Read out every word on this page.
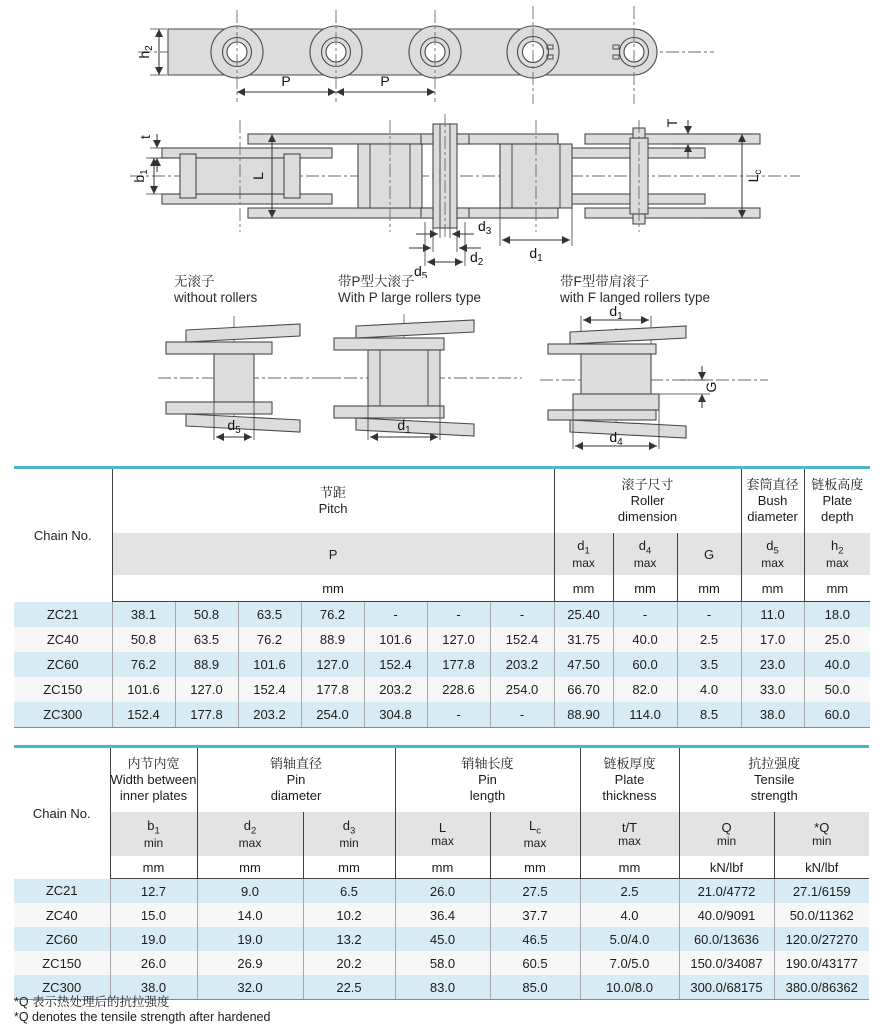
$h_2$
P	P
t
$b_1$	L
$d_3$
$d_2$
$d_5$
$d_1$
T
$L_c$
无滚子
without rollers
$d_5$
带P型大滚子
With P large rollers type
$d_1$
带F型带肩滚子
with F langed rollers type
$d_1$
G
$d_4$
Chain No.	
节距
Pitch

滚子尺寸
Roller dimension

套筒直径
Bush diameter

链板高度
Plate depth

P	
$d_1$
max

$d_4$
max
	G	
$d_5$
max

$h_2$
max

	mm							mm	mm	mm	mm	mm
ZC21	38.1	50.8	63.5	76.2	-	-	-	25.40	-	-	11.0	18.0
ZC40	50.8	63.5	76.2	88.9	101.6	127.0	152.4	31.75	40.0	2.5	17.0	25.0
ZC60	76.2	88.9	101.6	127.0	152.4	177.8	203.2	47.50	60.0	3.5	23.0	40.0
ZC150	101.6	127.0	152.4	177.8	203.2	228.6	254.0	66.70	82.0	4.0	33.0	50.0
ZC300	152.4	177.8	203.2	254.0	304.8	-	-	88.90	114.0	8.5	38.0	60.0
Chain No.	
内节内宽
Width between inner plates

销轴直径
Pin diameter

销轴长度
Pin length

链板厚度
Plate thickness

抗拉强度
Tensile strength

$b_1$
min

$d_2$
max

$d_3$
min

L
max

$L_c$
max

t/T
max

Q
min

*Q
min

	mm	mm	mm	mm	mm	mm	kN/lbf	kN/lbf
ZC21	12.7	9.0	6.5	26.0	27.5	2.5	21.0/4772	27.1/6159
ZC40	15.0	14.0	10.2	36.4	37.7	4.0	40.0/9091	50.0/11362
ZC60	19.0	19.0	13.2	45.0	46.5	5.0/4.0	60.0/13636	120.0/27270
ZC150	26.0	26.9	20.2	58.0	60.5	7.0/5.0	150.0/34087	190.0/43177
ZC300	38.0	32.0	22.5	83.0	85.0	10.0/8.0	300.0/68175	380.0/86362
*Q 表示热处理后的抗拉强度
*Q denotes the tensile strength after hardened
